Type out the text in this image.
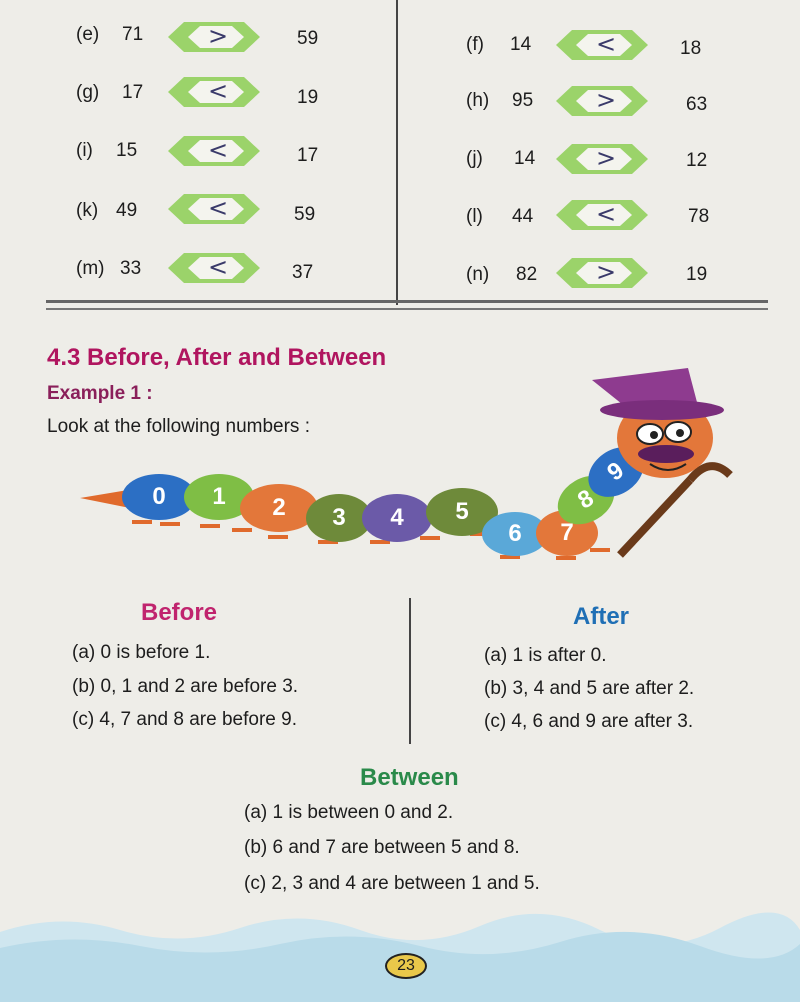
(e) 71	>	59
(g) 17	<	19
(i) 15	<	17
(k) 49	<	59
(m) 33	<	37
(f) 14	<	18
(h) 95	>	63
(j) 14	>	12
(l) 44	<	78
(n) 82	>	19
4.3 Before, After and Between
Example 1 :
Look at the following numbers :
0	1	2	3	4	5
6	7
8
9
Before
(a) 0 is before 1.
(b) 0, 1 and 2 are before 3.
(c) 4, 7 and 8 are before 9.
After
(a) 1 is after 0.
(b) 3, 4 and 5 are after 2.
(c) 4, 6 and 9 are after 3.
Between
(a) 1 is between 0 and 2.
(b) 6 and 7 are between 5 and 8.
(c) 2, 3 and 4 are between 1 and 5.
23
